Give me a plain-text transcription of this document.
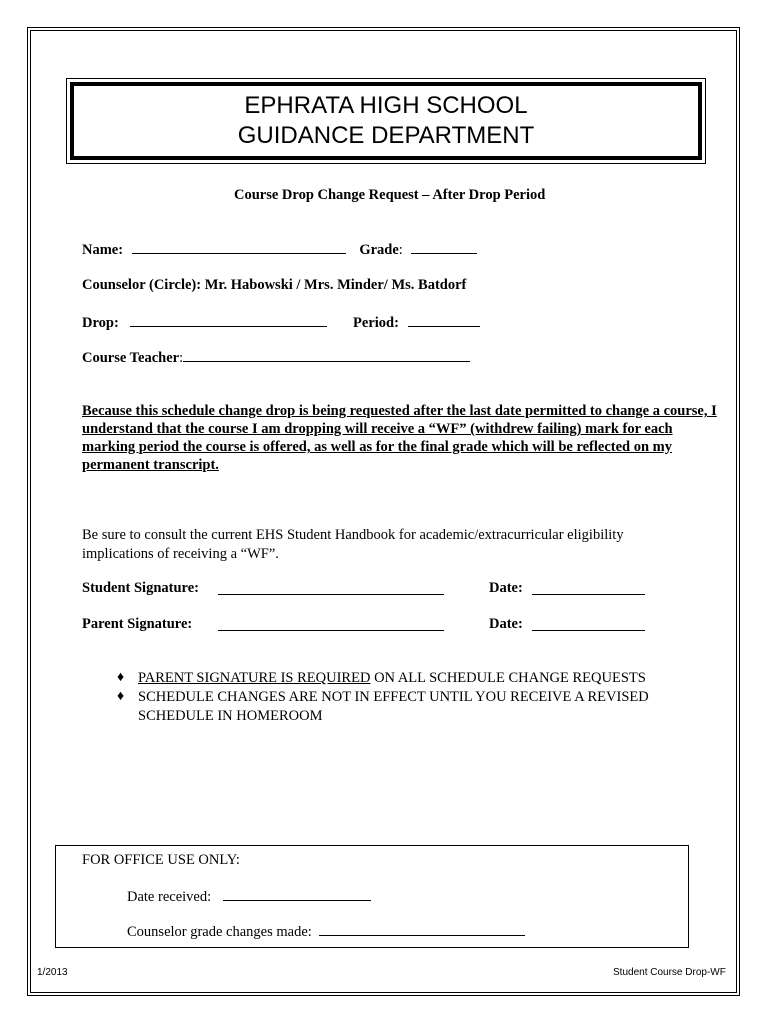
EPHRATA HIGH SCHOOL
GUIDANCE DEPARTMENT
Course Drop Change Request – After Drop Period
Name:	Grade:
Counselor (Circle): Mr. Habowski / Mrs. Minder/ Ms. Batdorf
Drop:	Period:
Course Teacher:
Because this schedule change drop is being requested after the last date permitted to change a course, I understand that the course I am dropping will receive a “WF” (withdrew failing) mark for each marking period the course is offered, as well as for the final grade which will be reflected on my permanent transcript.
Be sure to consult the current EHS Student Handbook for academic/extracurricular eligibility implications of receiving a “WF”.
Student Signature:	Date:
Parent Signature:	Date:
♦ PARENT SIGNATURE IS REQUIRED ON ALL SCHEDULE CHANGE REQUESTS
♦ SCHEDULE CHANGES ARE NOT IN EFFECT UNTIL YOU RECEIVE A REVISED
SCHEDULE IN HOMEROOM
FOR OFFICE USE ONLY:
Date received:
Counselor grade changes made:
1/2013	Student Course Drop-WF
